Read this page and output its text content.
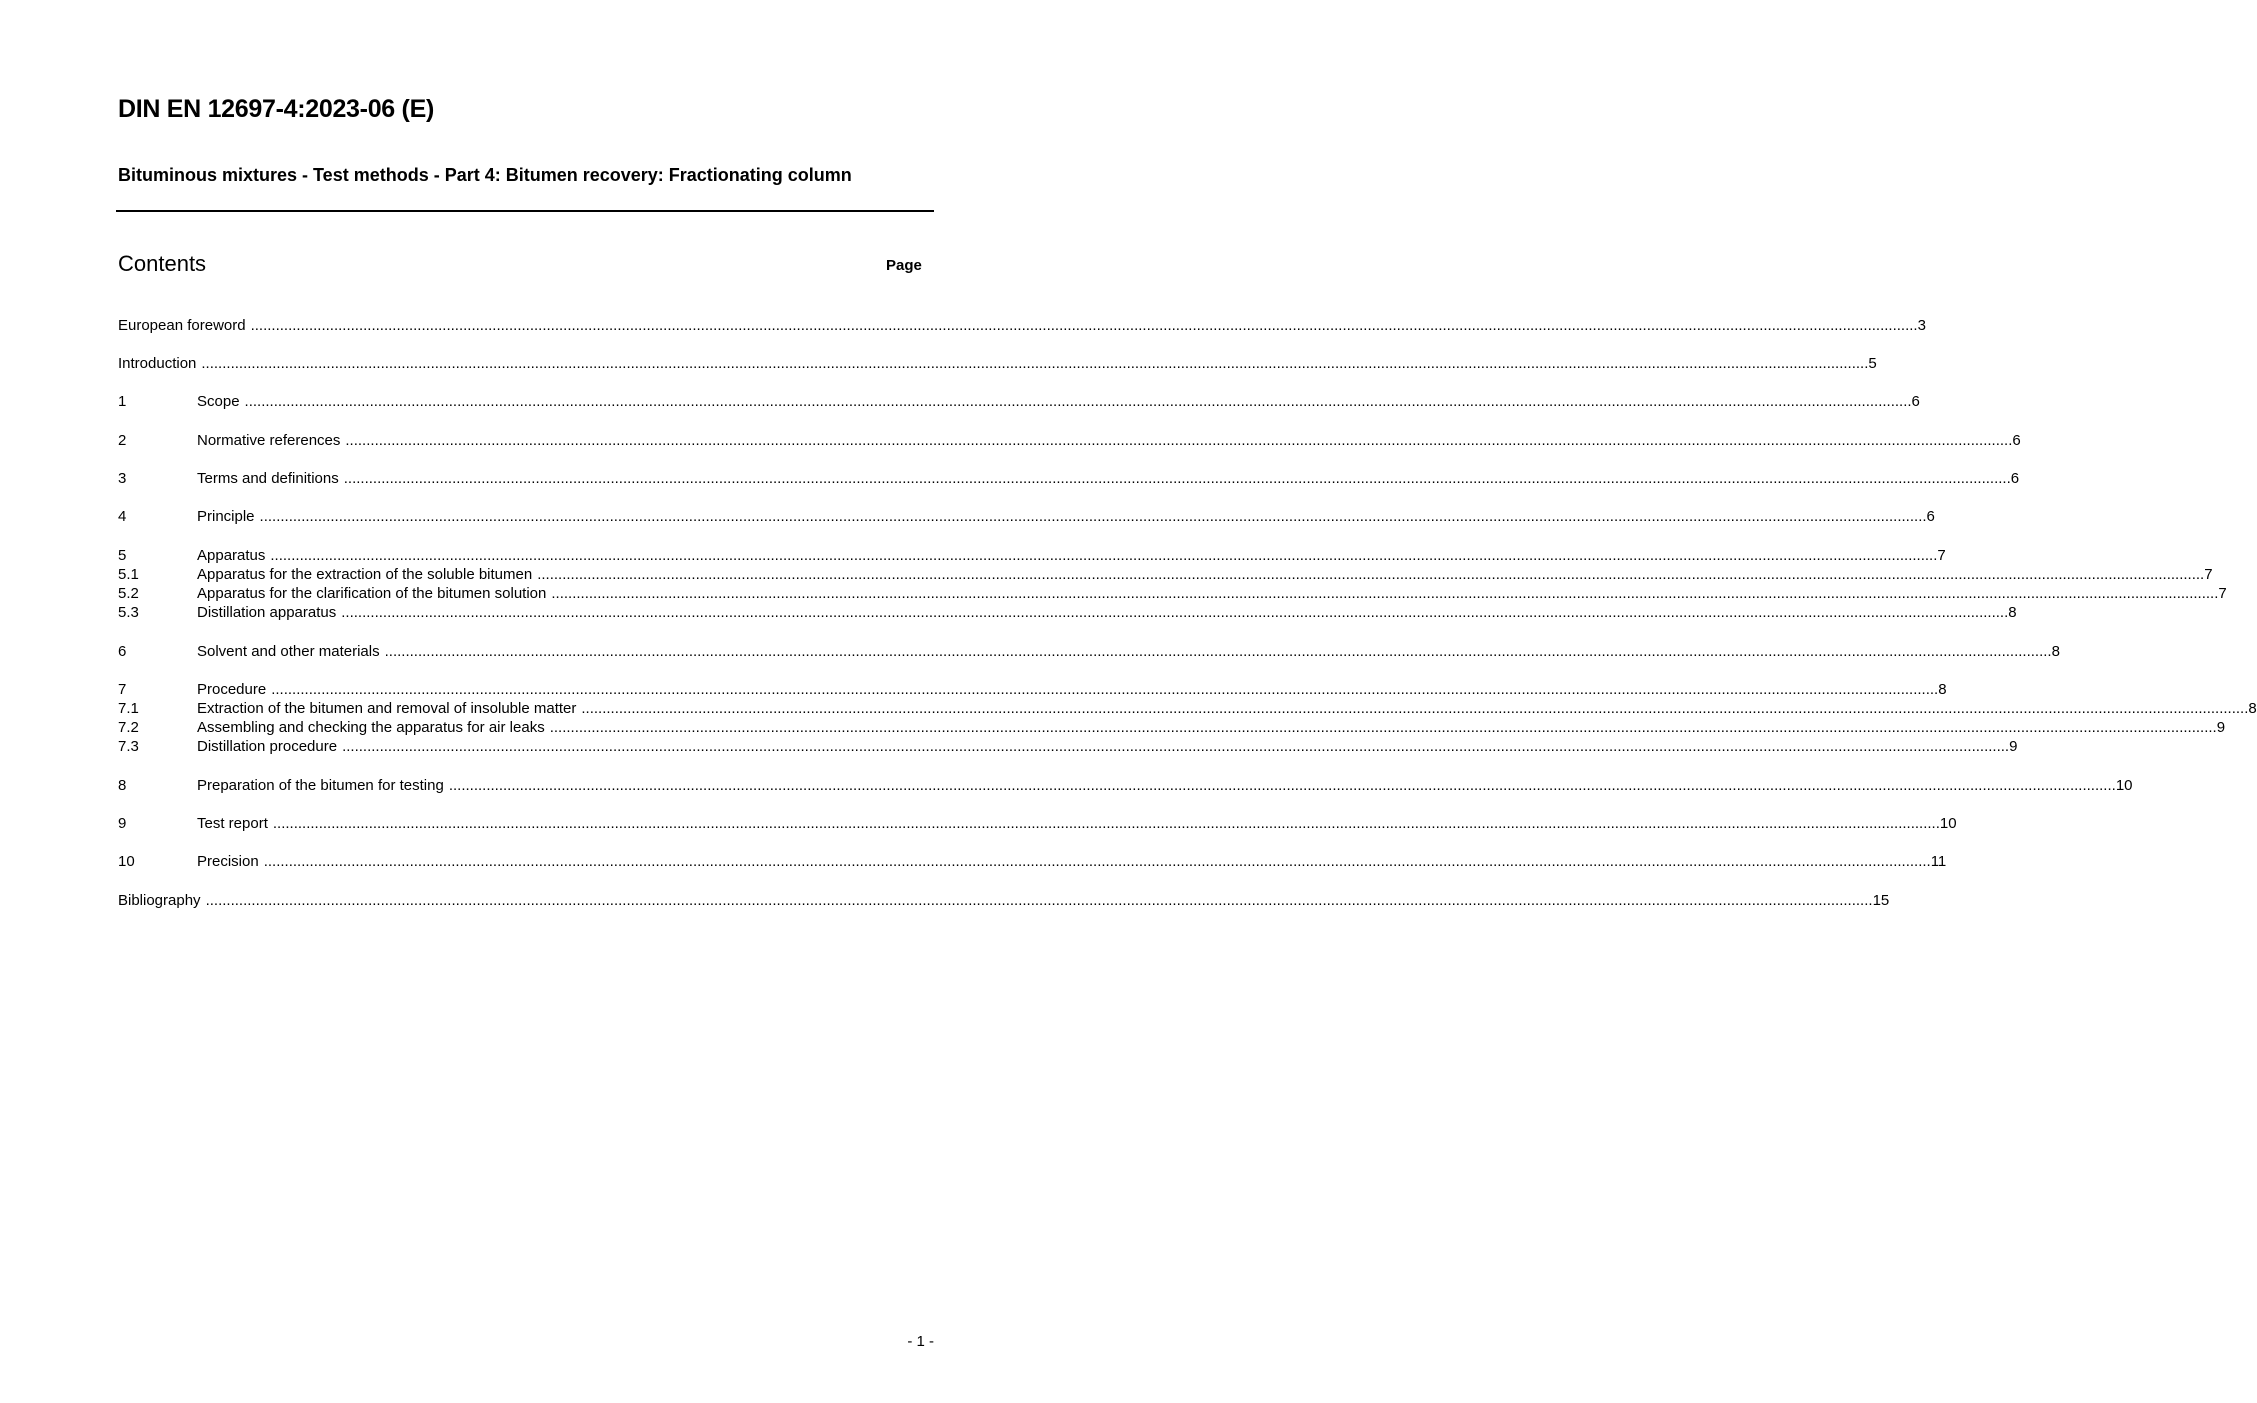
DIN EN 12697-4:2023-06 (E)
Bituminous mixtures - Test methods - Part 4: Bitumen recovery: Fractionating column
Contents	Page
European foreword ................................................................................................................................................................................................................................................................................................................................................................................................................ 3
Introduction ................................................................................................................................................................................................................................................................................................................................................................................................................ 5
1	Scope ................................................................................................................................................................................................................................................................................................................................................................................................................ 6
2	Normative references ................................................................................................................................................................................................................................................................................................................................................................................................................ 6
3	Terms and definitions ................................................................................................................................................................................................................................................................................................................................................................................................................ 6
4	Principle ................................................................................................................................................................................................................................................................................................................................................................................................................ 6
5	Apparatus ................................................................................................................................................................................................................................................................................................................................................................................................................ 7
5.1	Apparatus for the extraction of the soluble bitumen ................................................................................................................................................................................................................................................................................................................................................................................................................ 7
5.2	Apparatus for the clarification of the bitumen solution ................................................................................................................................................................................................................................................................................................................................................................................................................ 7
5.3	Distillation apparatus ................................................................................................................................................................................................................................................................................................................................................................................................................ 8
6	Solvent and other materials ................................................................................................................................................................................................................................................................................................................................................................................................................ 8
7	Procedure ................................................................................................................................................................................................................................................................................................................................................................................................................ 8
7.1	Extraction of the bitumen and removal of insoluble matter ................................................................................................................................................................................................................................................................................................................................................................................................................ 8
7.2	Assembling and checking the apparatus for air leaks ................................................................................................................................................................................................................................................................................................................................................................................................................ 9
7.3	Distillation procedure ................................................................................................................................................................................................................................................................................................................................................................................................................ 9
8	Preparation of the bitumen for testing ................................................................................................................................................................................................................................................................................................................................................................................................................ 10
9	Test report ................................................................................................................................................................................................................................................................................................................................................................................................................ 10
10	Precision ................................................................................................................................................................................................................................................................................................................................................................................................................ 11
Bibliography ................................................................................................................................................................................................................................................................................................................................................................................................................ 15
- 1 -
